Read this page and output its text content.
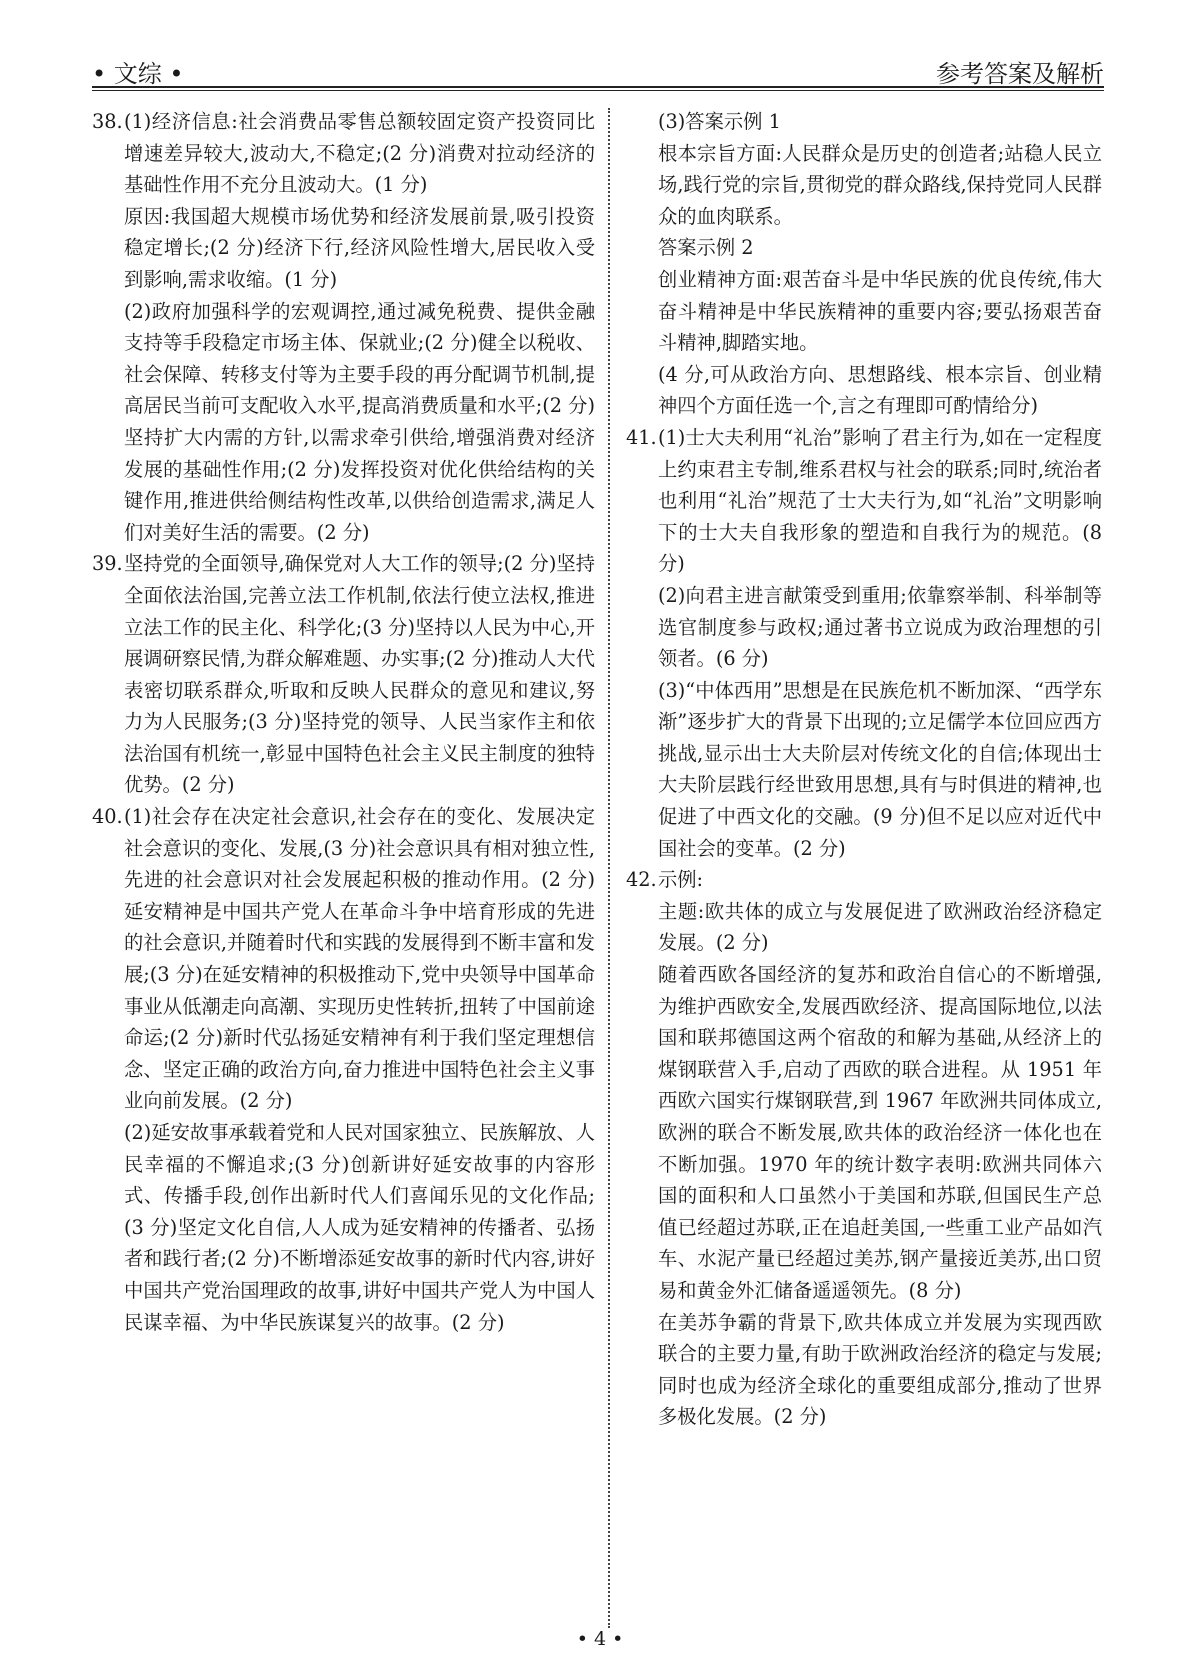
• 文综 •	参考答案及解析
38. (1)经济信息:社会消费品零售总额较固定资产投资同比增速差异较大,波动大,不稳定;(2 分)消费对拉动经济的基础性作用不充分且波动大。(1 分)

原因:我国超大规模市场优势和经济发展前景,吸引投资稳定增长;(2 分)经济下行,经济风险性增大,居民收入受到影响,需求收缩。(1 分)

(2)政府加强科学的宏观调控,通过减免税费、提供金融支持等手段稳定市场主体、保就业;(2 分)健全以税收、社会保障、转移支付等为主要手段的再分配调节机制,提高居民当前可支配收入水平,提高消费质量和水平;(2 分)坚持扩大内需的方针,以需求牵引供给,增强消费对经济发展的基础性作用;(2 分)发挥投资对优化供给结构的关键作用,推进供给侧结构性改革,以供给创造需求,满足人们对美好生活的需要。(2 分)

39. 坚持党的全面领导,确保党对人大工作的领导;(2 分)坚持全面依法治国,完善立法工作机制,依法行使立法权,推进立法工作的民主化、科学化;(3 分)坚持以人民为中心,开展调研察民情,为群众解难题、办实事;(2 分)推动人大代表密切联系群众,听取和反映人民群众的意见和建议,努力为人民服务;(3 分)坚持党的领导、人民当家作主和依法治国有机统一,彰显中国特色社会主义民主制度的独特优势。(2 分)

40. (1)社会存在决定社会意识,社会存在的变化、发展决定社会意识的变化、发展,(3 分)社会意识具有相对独立性,先进的社会意识对社会发展起积极的推动作用。(2 分)延安精神是中国共产党人在革命斗争中培育形成的先进的社会意识,并随着时代和实践的发展得到不断丰富和发展;(3 分)在延安精神的积极推动下,党中央领导中国革命事业从低潮走向高潮、实现历史性转折,扭转了中国前途命运;(2 分)新时代弘扬延安精神有利于我们坚定理想信念、坚定正确的政治方向,奋力推进中国特色社会主义事业向前发展。(2 分)

(2)延安故事承载着党和人民对国家独立、民族解放、人民幸福的不懈追求;(3 分)创新讲好延安故事的内容形式、传播手段,创作出新时代人们喜闻乐见的文化作品;(3 分)坚定文化自信,人人成为延安精神的传播者、弘扬者和践行者;(2 分)不断增添延安故事的新时代内容,讲好中国共产党治国理政的故事,讲好中国共产党人为中国人民谋幸福、为中华民族谋复兴的故事。(2 分)

(3)答案示例 1

根本宗旨方面:人民群众是历史的创造者;站稳人民立场,践行党的宗旨,贯彻党的群众路线,保持党同人民群众的血肉联系。

答案示例 2

创业精神方面:艰苦奋斗是中华民族的优良传统,伟大奋斗精神是中华民族精神的重要内容;要弘扬艰苦奋斗精神,脚踏实地。

(4 分,可从政治方向、思想路线、根本宗旨、创业精神四个方面任选一个,言之有理即可酌情给分)

41. (1)士大夫利用“礼治”影响了君主行为,如在一定程度上约束君主专制,维系君权与社会的联系;同时,统治者也利用“礼治”规范了士大夫行为,如“礼治”文明影响下的士大夫自我形象的塑造和自我行为的规范。(8 分)

(2)向君主进言献策受到重用;依靠察举制、科举制等选官制度参与政权;通过著书立说成为政治理想的引领者。(6 分)

(3)“中体西用”思想是在民族危机不断加深、“西学东渐”逐步扩大的背景下出现的;立足儒学本位回应西方挑战,显示出士大夫阶层对传统文化的自信;体现出士大夫阶层践行经世致用思想,具有与时俱进的精神,也促进了中西文化的交融。(9 分)但不足以应对近代中国社会的变革。(2 分)

42. 示例:

主题:欧共体的成立与发展促进了欧洲政治经济稳定发展。(2 分)

随着西欧各国经济的复苏和政治自信心的不断增强,为维护西欧安全,发展西欧经济、提高国际地位,以法国和联邦德国这两个宿敌的和解为基础,从经济上的煤钢联营入手,启动了西欧的联合进程。从 1951 年西欧六国实行煤钢联营,到 1967 年欧洲共同体成立,欧洲的联合不断发展,欧共体的政治经济一体化也在不断加强。1970 年的统计数字表明:欧洲共同体六国的面积和人口虽然小于美国和苏联,但国民生产总值已经超过苏联,正在追赶美国,一些重工业产品如汽车、水泥产量已经超过美苏,钢产量接近美苏,出口贸易和黄金外汇储备遥遥领先。(8 分)

在美苏争霸的背景下,欧共体成立并发展为实现西欧联合的主要力量,有助于欧洲政治经济的稳定与发展;同时也成为经济全球化的重要组成部分,推动了世界多极化发展。(2 分)

• 4 •
